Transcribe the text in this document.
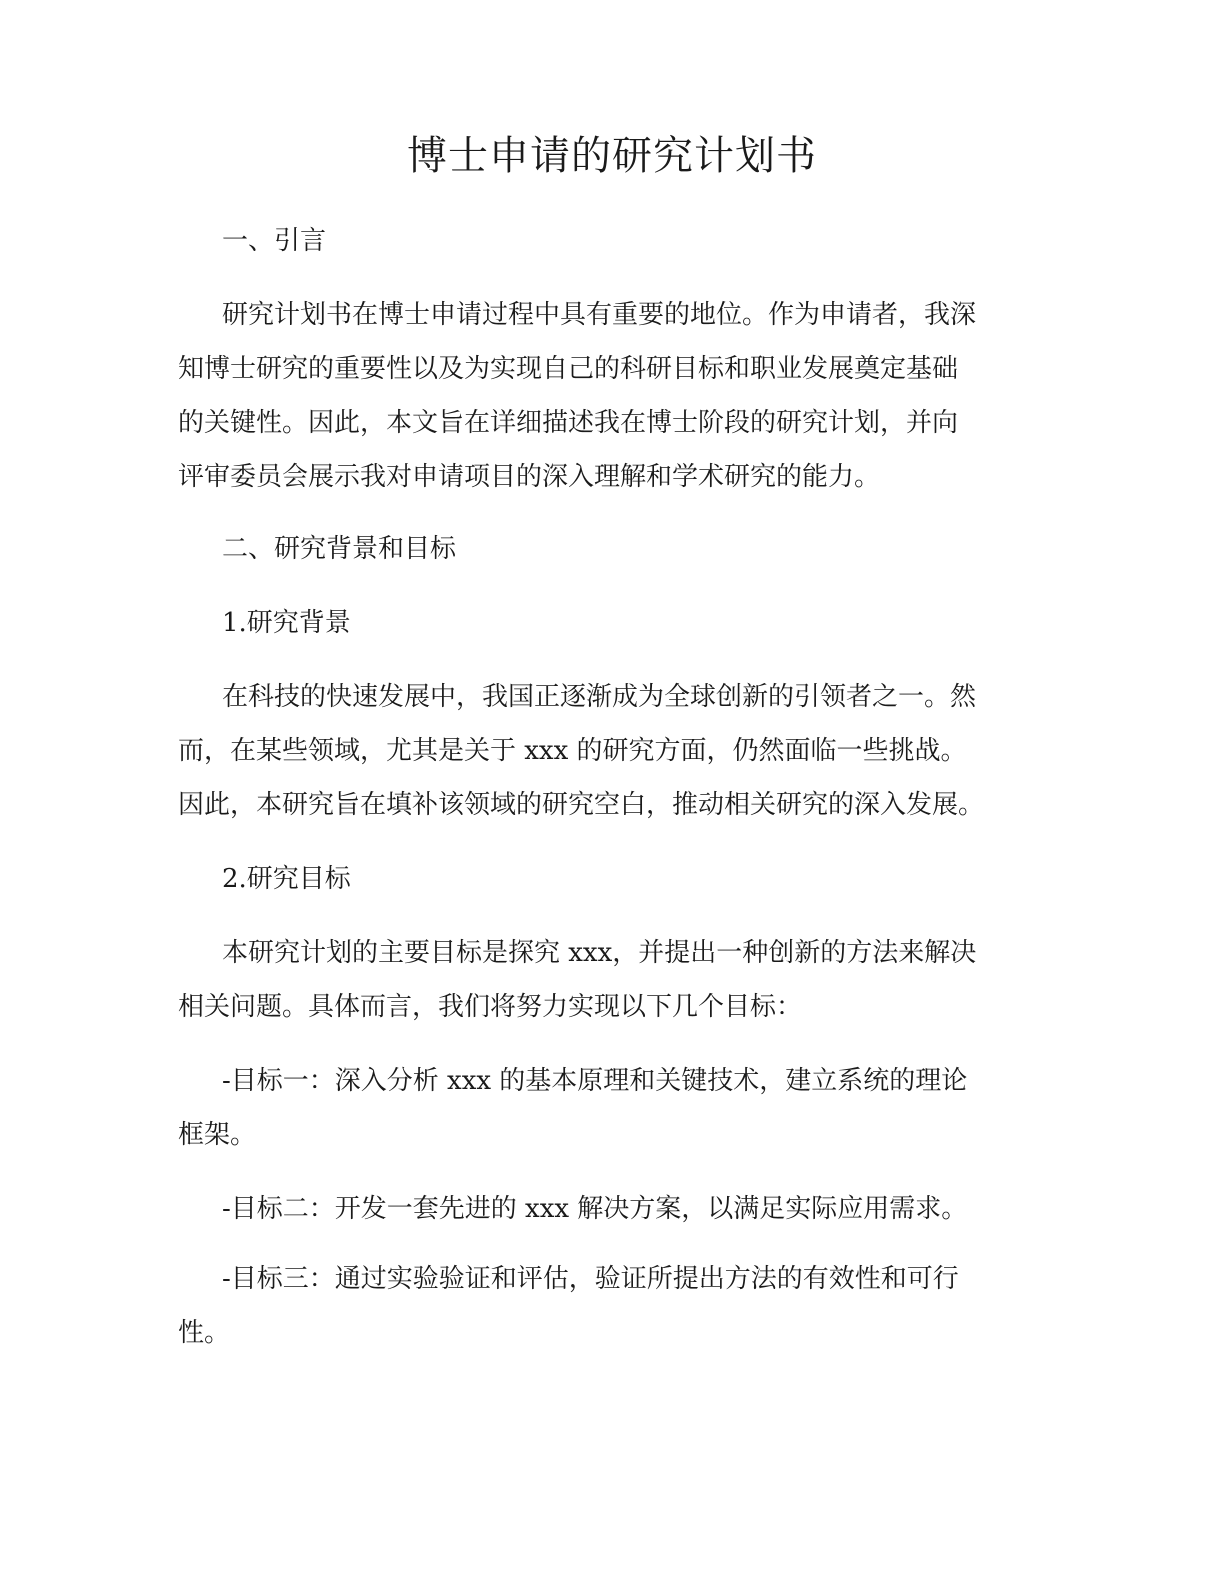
博士申请的研究计划书
一、引言
研究计划书在博士申请过程中具有重要的地位。作为申请者，我深
知博士研究的重要性以及为实现自己的科研目标和职业发展奠定基础
的关键性。因此，本文旨在详细描述我在博士阶段的研究计划，并向
评审委员会展示我对申请项目的深入理解和学术研究的能力。
二、研究背景和目标
1.研究背景
在科技的快速发展中，我国正逐渐成为全球创新的引领者之一。然
而，在某些领域，尤其是关于 xxx 的研究方面，仍然面临一些挑战。
因此，本研究旨在填补该领域的研究空白，推动相关研究的深入发展。
2.研究目标
本研究计划的主要目标是探究 xxx，并提出一种创新的方法来解决
相关问题。具体而言，我们将努力实现以下几个目标：
-目标一：深入分析 xxx 的基本原理和关键技术，建立系统的理论
框架。
-目标二：开发一套先进的 xxx 解决方案，以满足实际应用需求。
-目标三：通过实验验证和评估，验证所提出方法的有效性和可行
性。
